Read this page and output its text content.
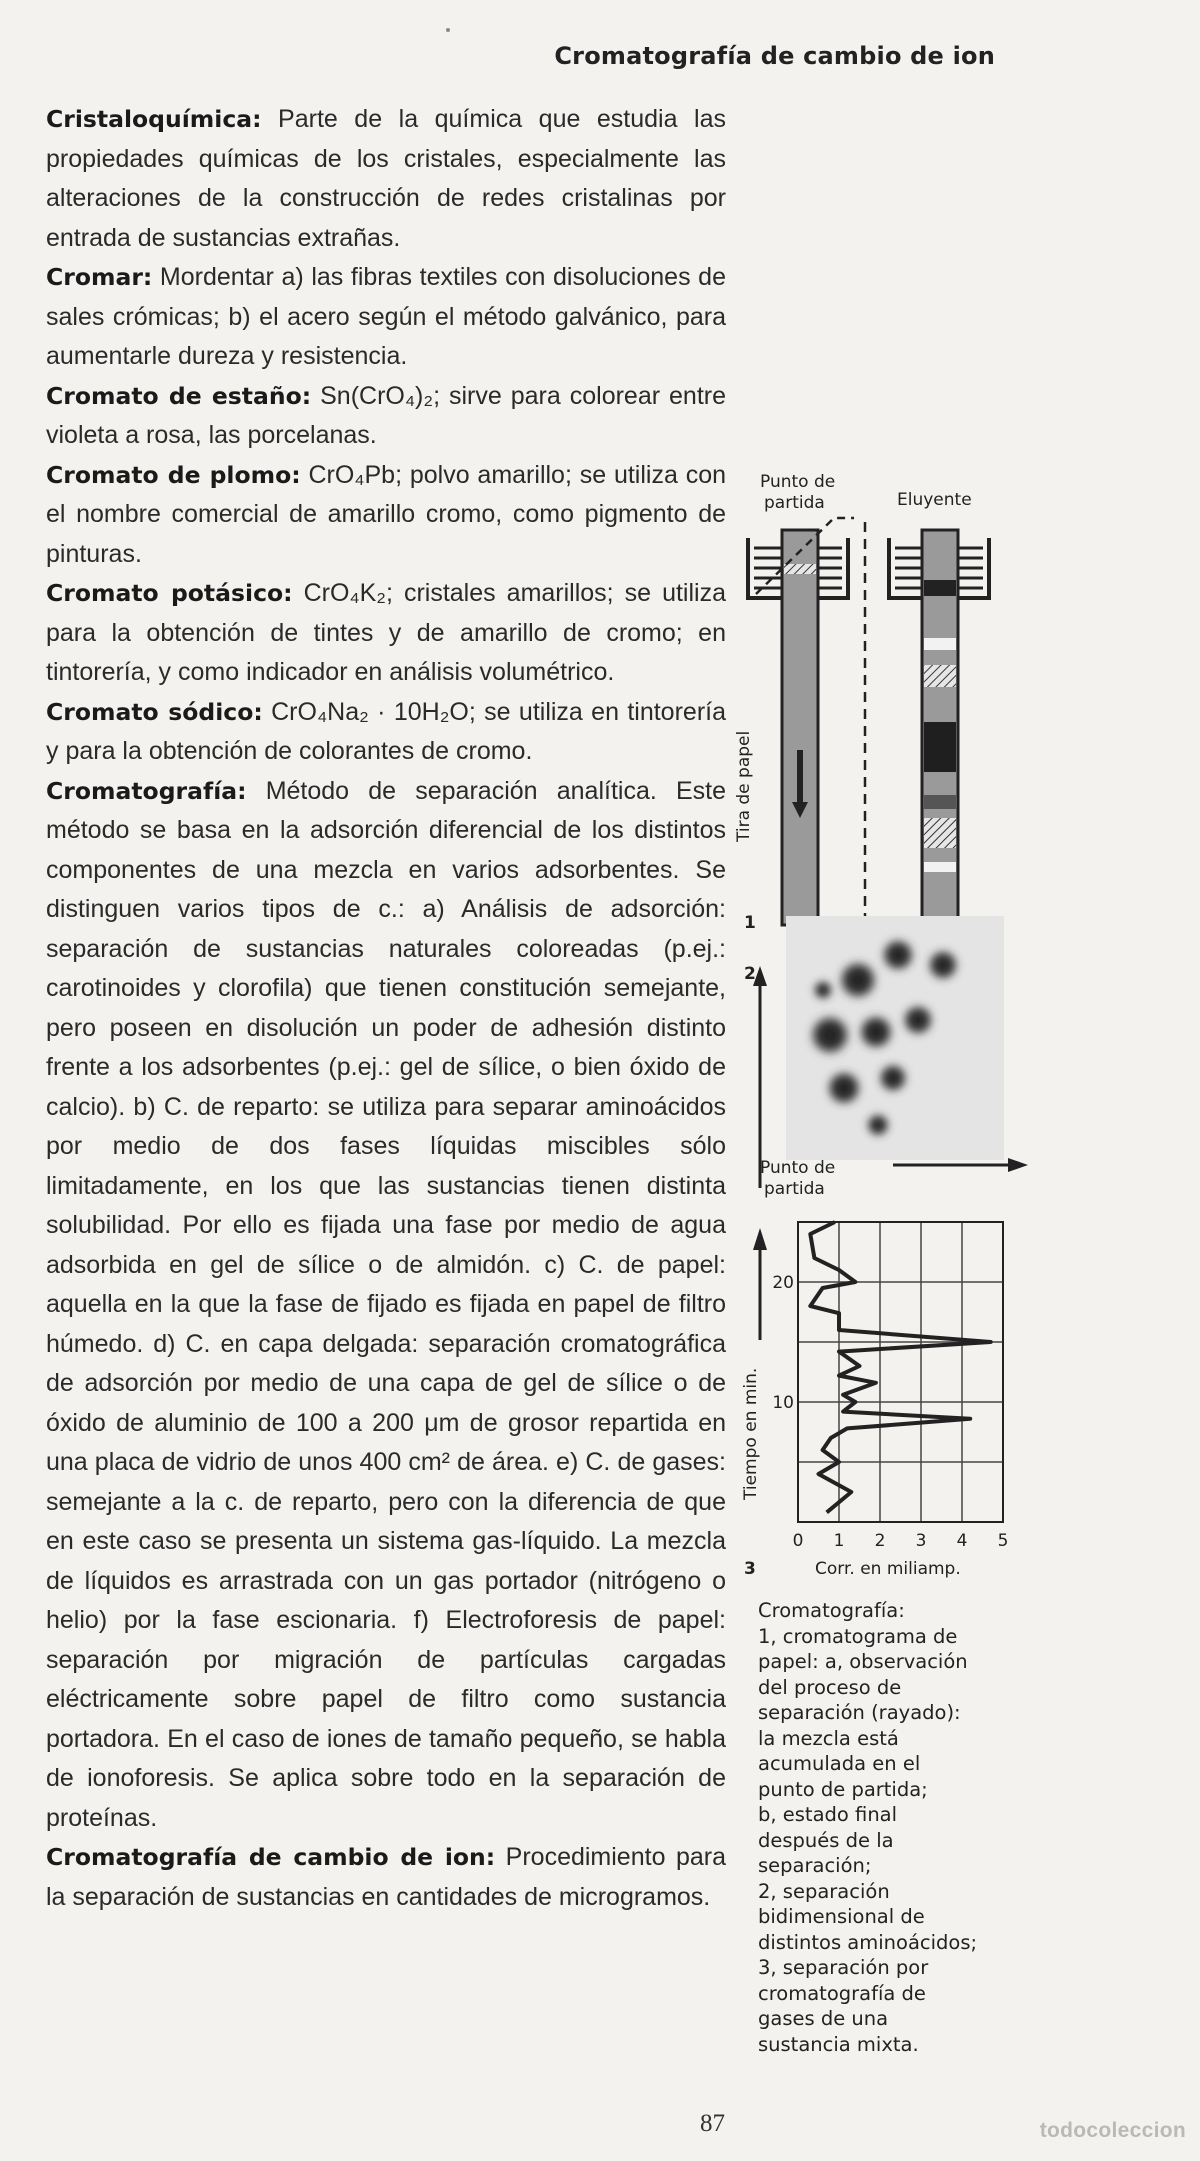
Cromatografía de cambio de ion

Cristaloquímica: Parte de la química que estudia las propiedades químicas de los cristales, especialmente las alteraciones de la construcción de redes cristalinas por entrada de sustancias extrañas.

Cromar: Mordentar a) las fibras textiles con disoluciones de sales crómicas; b) el acero según el método galvánico, para aumentarle dureza y resistencia.

Cromato de estaño: Sn(CrO₄)₂; sirve para colorear entre violeta a rosa, las porcelanas.

Cromato de plomo: CrO₄Pb; polvo amarillo; se utiliza con el nombre comercial de amarillo cromo, como pigmento de pinturas.

Cromato potásico: CrO₄K₂; cristales amarillos; se utiliza para la obtención de tintes y de amarillo de cromo; en tintorería, y como indicador en análisis volumétrico.

Cromato sódico: CrO₄Na₂ · 10H₂O; se utiliza en tintorería y para la obtención de colorantes de cromo.

Cromatografía: Método de separación analítica. Este método se basa en la adsorción diferencial de los distintos componentes de una mezcla en varios adsorbentes. Se distinguen varios tipos de c.: a) Análisis de adsorción: separación de sustancias naturales coloreadas (p.ej.: carotinoides y clorofila) que tienen constitución semejante, pero poseen en disolución un poder de adhesión distinto frente a los adsorbentes (p.ej.: gel de sílice, o bien óxido de calcio). b) C. de reparto: se utiliza para separar aminoácidos por medio de dos fases líquidas miscibles sólo limitadamente, en los que las sustancias tienen distinta solubilidad. Por ello es fijada una fase por medio de agua adsorbida en gel de sílice o de almidón. c) C. de papel: aquella en la que la fase de fijado es fijada en papel de filtro húmedo. d) C. en capa delgada: separación cromatográfica de adsorción por medio de una capa de gel de sílice o de óxido de aluminio de 100 a 200 μm de grosor repartida en una placa de vidrio de unos 400 cm² de área. e) C. de gases: semejante a la c. de reparto, pero con la diferencia de que en este caso se presenta un sistema gas-líquido. La mezcla de líquidos es arrastrada con un gas portador (nitrógeno o helio) por la fase escionaria. f) Electroforesis de papel: separación por migración de partículas cargadas eléctricamente sobre papel de filtro como sustancia portadora. En el caso de iones de tamaño pequeño, se habla de ionoforesis. Se aplica sobre todo en la separación de proteínas.

Cromatografía de cambio de ion: Procedimiento para la separación de sustancias en cantidades de microgramos.

Punto de
partida	Eluyente
Tira de papel
1
2
Punto de
partida
0 1 2 3 4 5
10
20
Tiempo en min.
3	Corr. en miliamp.

Cromatografía:
1, cromatograma de
papel: a, observación
del proceso de
separación (rayado):
la mezcla está
acumulada en el
punto de partida;
b, estado final
después de la
separación;
2, separación
bidimensional de
distintos aminoácidos;
3, separación por
cromatografía de
gases de una
sustancia mixta.

87	todocoleccion
